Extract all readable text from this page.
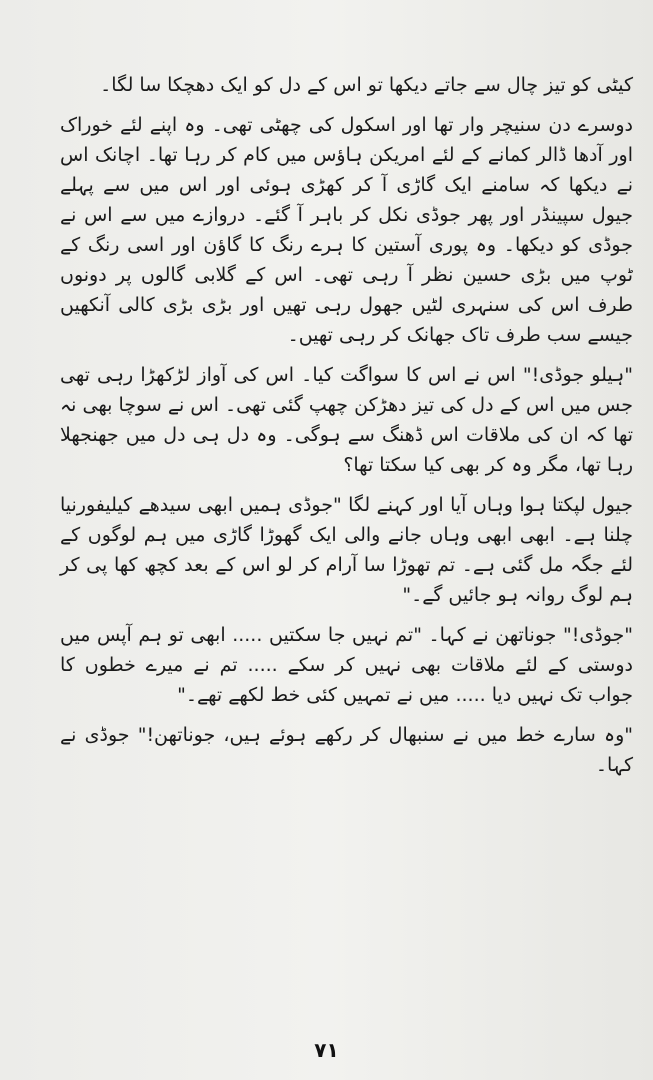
کیٹی کو تیز چال سے جاتے دیکھا تو اس کے دل کو ایک دھچکا سا لگا۔

دوسرے دن سنیچر وار تھا اور اسکول کی چھٹی تھی۔ وہ اپنے لئے خوراک اور آدھا ڈالر کمانے کے لئے امریکن ہاؤس میں کام کر رہا تھا۔ اچانک اس نے دیکھا کہ سامنے ایک گاڑی آ کر کھڑی ہوئی اور اس میں سے پہلے جیول سپینڈر اور پھر جوڈی نکل کر باہر آ گئے۔ دروازے میں سے اس نے جوڈی کو دیکھا۔ وہ پوری آستین کا ہرے رنگ کا گاؤن اور اسی رنگ کے ٹوپ میں بڑی حسین نظر آ رہی تھی۔ اس کے گلابی گالوں پر دونوں طرف اس کی سنہری لٹیں جھول رہی تھیں اور بڑی بڑی کالی آنکھیں جیسے سب طرف تاک جھانک کر رہی تھیں۔

"ہیلو جوڈی!" اس نے اس کا سواگت کیا۔ اس کی آواز لڑکھڑا رہی تھی جس میں اس کے دل کی تیز دھڑکن چھپ گئی تھی۔ اس نے سوچا بھی نہ تھا کہ ان کی ملاقات اس ڈھنگ سے ہوگی۔ وہ دل ہی دل میں جھنجھلا رہا تھا، مگر وہ کر بھی کیا سکتا تھا؟

جیول لپکتا ہوا وہاں آیا اور کہنے لگا "جوڈی ہمیں ابھی سیدھے کیلیفورنیا چلنا ہے۔ ابھی ابھی وہاں جانے والی ایک گھوڑا گاڑی میں ہم لوگوں کے لئے جگہ مل گئی ہے۔ تم تھوڑا سا آرام کر لو اس کے بعد کچھ کھا پی کر ہم لوگ روانہ ہو جائیں گے۔"

"جوڈی!" جوناتھن نے کہا۔ "تم نہیں جا سکتیں ..... ابھی تو ہم آپس میں دوستی کے لئے ملاقات بھی نہیں کر سکے ..... تم نے میرے خطوں کا جواب تک نہیں دیا ..... میں نے تمہیں کئی خط لکھے تھے۔"

"وہ سارے خط میں نے سنبھال کر رکھے ہوئے ہیں، جوناتھن!" جوڈی نے کہا۔

۷۱
